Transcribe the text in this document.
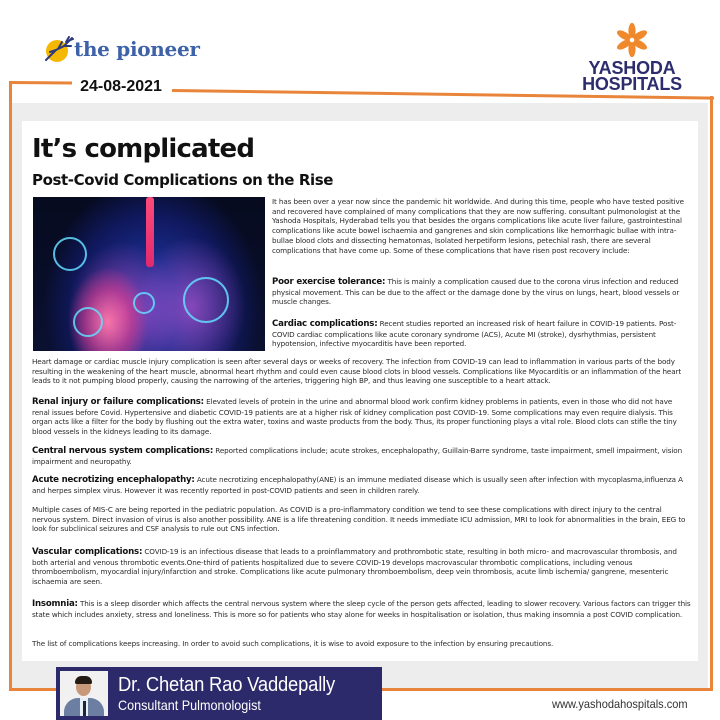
the pioneer
YASHODA
HOSPITALS
24-08-2021
It’s complicated
Post-Covid Complications on the Rise

It has been over a year now since the pandemic hit worldwide. And during this time, people who have tested positive and recovered have complained of many complications that they are now suffering. consultant pulmonologist at the Yashoda Hospitals, Hyderabad tells you that besides the organs complications like acute liver failure, gastrointestinal complications like acute bowel ischaemia and gangrenes and skin complications like hemorrhagic bullae with intra-bullae blood clots and dissecting hematomas, Isolated herpetiform lesions, petechial rash, there are several complications that have come up. Some of these complications that have risen post recovery include:

Poor exercise tolerance: This is mainly a complication caused due to the corona virus infection and reduced physical movement. This can be due to the affect or the damage done by the virus on lungs, heart, blood vessels or muscle changes.

Cardiac complications: Recent studies reported an increased risk of heart failure in COVID-19 patients. Post-COVID cardiac complications like acute coronary syndrome (ACS), Acute MI (stroke), dysrhythmias, persistent hypotension, infective myocarditis have been reported.

Heart damage or cardiac muscle injury complication is seen after several days or weeks of recovery. The infection from COVID-19 can lead to inflammation in various parts of the body resulting in the weakening of the heart muscle, abnormal heart rhythm and could even cause blood clots in blood vessels. Complications like Myocarditis or an inflammation of the heart leads to it not pumping blood properly, causing the narrowing of the arteries, triggering high BP, and thus leaving one susceptible to a heart attack.

Renal injury or failure complications: Elevated levels of protein in the urine and abnormal blood work confirm kidney problems in patients, even in those who did not have renal issues before Covid. Hypertensive and diabetic COVID-19 patients are at a higher risk of kidney complication post COVID-19. Some complications may even require dialysis. This organ acts like a filter for the body by flushing out the extra water, toxins and waste products from the body. Thus, its proper functioning plays a vital role. Blood clots can stifle the tiny blood vessels in the kidneys leading to its damage.

Central nervous system complications: Reported complications include; acute strokes, encephalopathy, Guillain-Barre syndrome, taste impairment, smell impairment, vision impairment and neuropathy.

Acute necrotizing encephalopathy: Acute necrotizing encephalopathy(ANE) is an immune mediated disease which is usually seen after infection with mycoplasma,influenza A and herpes simplex virus. However it was recently reported in post-COVID patients and seen in children rarely.

Multiple cases of MIS-C are being reported in the pediatric population. As COVID is a pro-inflammatory condition we tend to see these complications with direct injury to the central nervous system. Direct invasion of virus is also another possibility. ANE is a life threatening condition. It needs immediate ICU admission, MRI to look for abnormalities in the brain, EEG to look for subclinical seizures and CSF analysis to rule out CNS infection.

Vascular complications: COVID-19 is an infectious disease that leads to a proinflammatory and prothrombotic state, resulting in both micro- and macrovascular thrombosis, and both arterial and venous thrombotic events.One-third of patients hospitalized due to severe COVID-19 develops macrovascular thrombotic complications, including venous thromboembolism, myocardial injury/infarction and stroke. Complications like acute pulmonary thromboembolism, deep vein thrombosis, acute limb ischemia/ gangrene, mesenteric ischaemia are seen.

Insomnia: This is a sleep disorder which affects the central nervous system where the sleep cycle of the person gets affected, leading to slower recovery. Various factors can trigger this state which includes anxiety, stress and loneliness. This is more so for patients who stay alone for weeks in hospitalisation or isolation, thus making insomnia a post COVID complication.

The list of complications keeps increasing. In order to avoid such complications, it is wise to avoid exposure to the infection by ensuring precautions.

Dr. Chetan Rao Vaddepally
Consultant Pulmonologist	www.yashodahospitals.com
